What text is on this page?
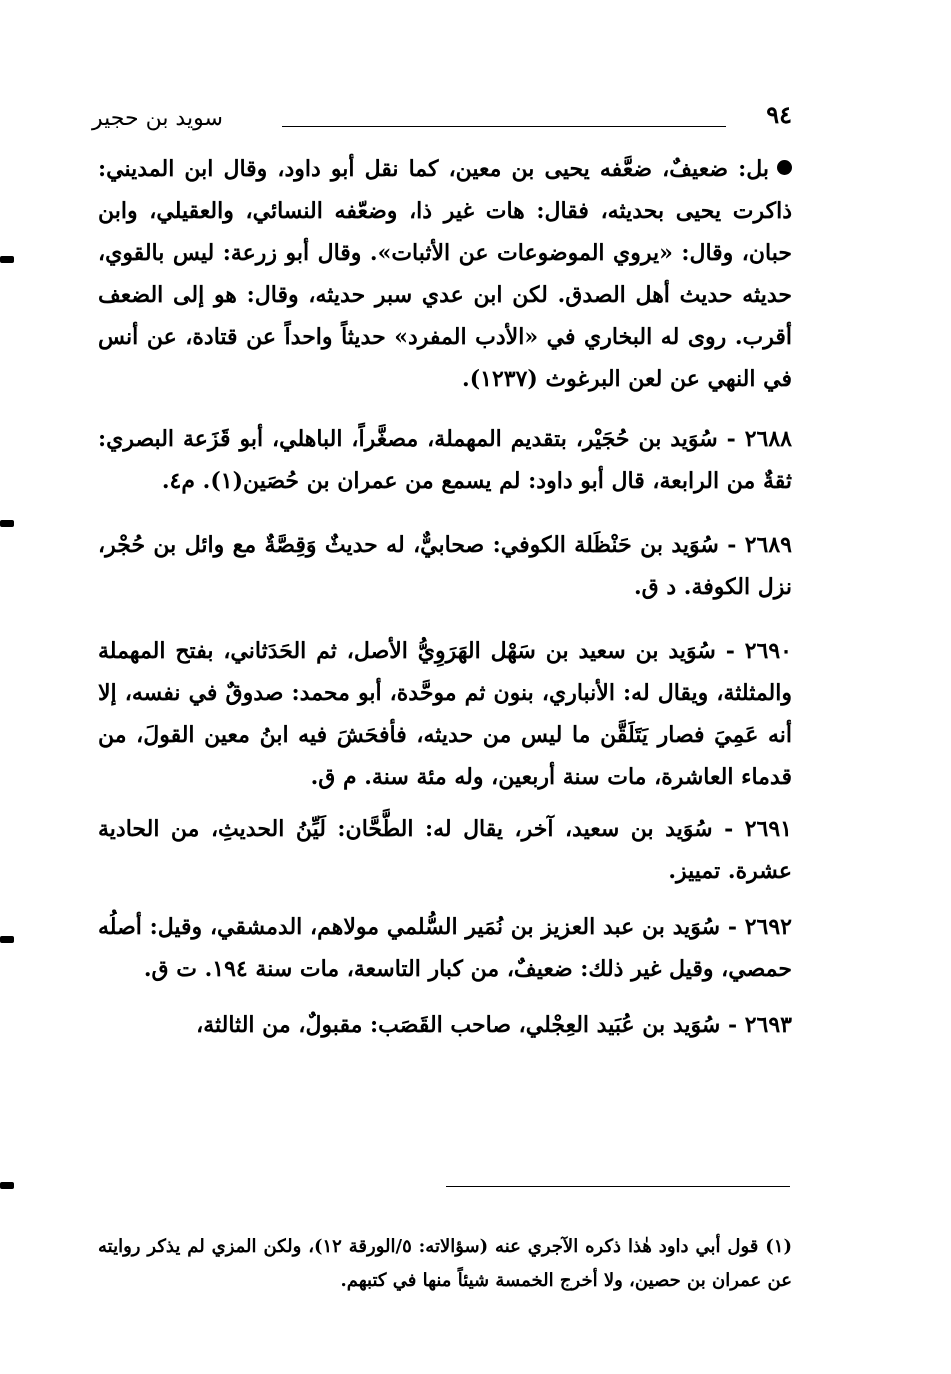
سويد بن حجير	٩٤

بل: ضعيفٌ، ضعَّفه يحيى بن معين، كما نقل أبو داود، وقال ابن المديني: ذاكرت يحيى بحديثه، فقال: هات غير ذا، وضعّفه النسائي، والعقيلي، وابن حبان، وقال: «يروي الموضوعات عن الأثبات». وقال أبو زرعة: ليس بالقوي، حديثه حديث أهل الصدق. لكن ابن عدي سبر حديثه، وقال: هو إلى الضعف أقرب. روى له البخاري في «الأدب المفرد» حديثاً واحداً عن قتادة، عن أنس في النهي عن لعن البرغوث (١٢٣٧).

٢٦٨٨ - سُوَيد بن حُجَيْر، بتقديم المهملة، مصغَّراً، الباهلي، أبو قَزَعة البصري: ثقةٌ من الرابعة، قال أبو داود: لم يسمع من عمران بن حُصَين(١). م٤.

٢٦٨٩ - سُوَيد بن حَنْظَلة الكوفي: صحابيٌّ، له حديثٌ وَقِصَّةٌ مع وائل بن حُجْر، نزل الكوفة. د ق.

٢٦٩٠ - سُوَيد بن سعيد بن سَهْل الهَرَوِيُّ الأصل، ثم الحَدَثاني، بفتح المهملة والمثلثة، ويقال له: الأنباري، بنون ثم موحَّدة، أبو محمد: صدوقٌ في نفسه، إلا أنه عَمِيَ فصار يَتَلَقَّن ما ليس من حديثه، فأفحَشَ فيه ابنُ معين القولَ، من قدماء العاشرة، مات سنة أربعين، وله مئة سنة. م ق.

٢٦٩١ - سُوَيد بن سعيد، آخر، يقال له: الطَّحَّان: لَيِّنُ الحديثِ، من الحادية عشرة. تمييز.

٢٦٩٢ - سُوَيد بن عبد العزيز بن نُمَير السُّلمي مولاهم، الدمشقي، وقيل: أصلُه حمصي، وقيل غير ذلك: ضعيفٌ، من كبار التاسعة، مات سنة ١٩٤. ت ق.

٢٦٩٣ - سُوَيد بن عُبَيد العِجْلي، صاحب القَصَب: مقبولٌ، من الثالثة،

(١) قول أبي داود هٰذا ذكره الآجري عنه (سؤالاته: ٥/الورقة ١٢)، ولكن المزي لم يذكر روايته عن عمران بن حصين، ولا أخرج الخمسة شيئاً منها في كتبهم.
